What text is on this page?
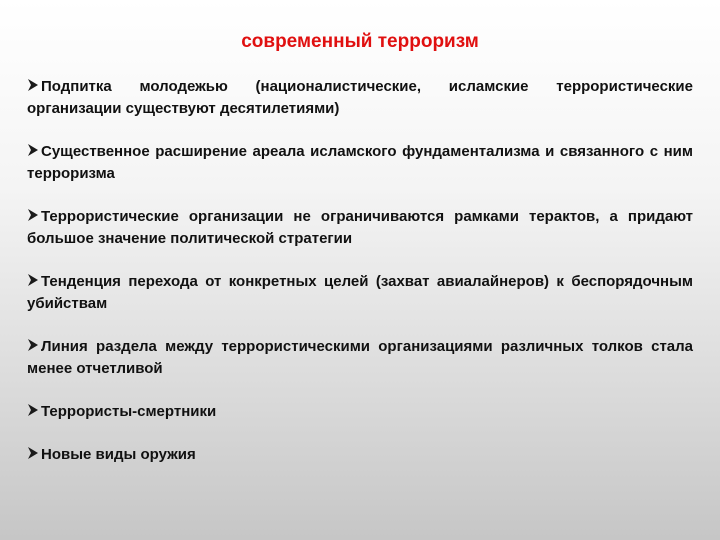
современный терроризм
Подпитка молодежью (националистические, исламские террористические организации существуют десятилетиями)
Существенное расширение ареала исламского фундаментализма и связанного с ним терроризма
Террористические организации не ограничиваются рамками терактов, а придают большое значение политической стратегии
Тенденция перехода от конкретных целей (захват авиалайнеров) к беспорядочным убийствам
Линия раздела между террористическими организациями различных толков стала менее отчетливой
Террористы-смертники
Новые виды оружия
